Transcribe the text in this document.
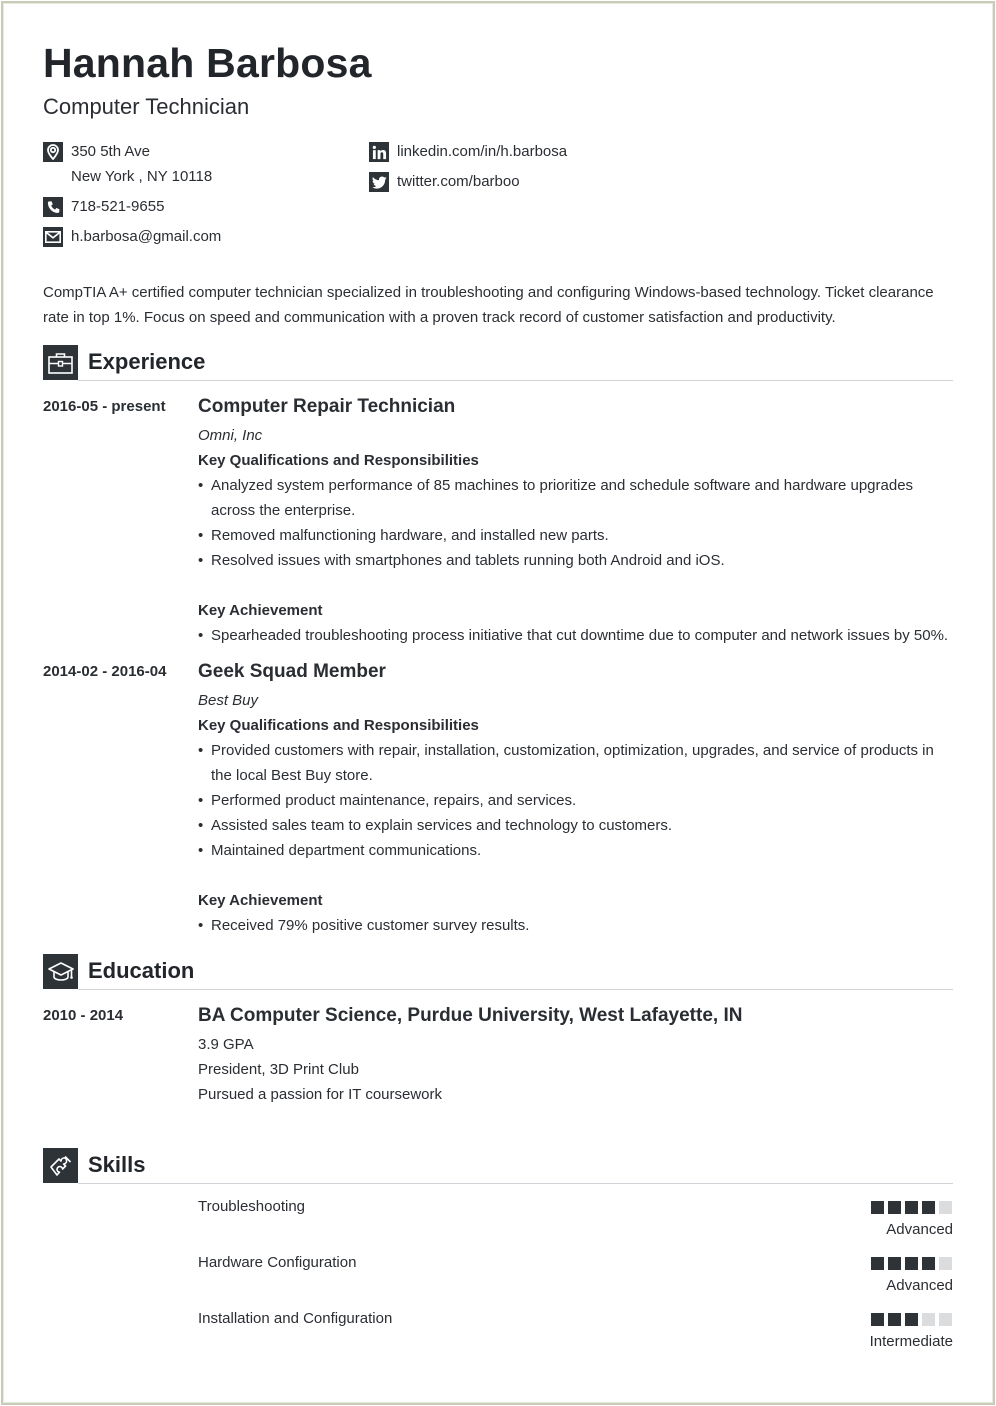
Hannah Barbosa
Computer Technician
350 5th Ave
New York , NY 10118
718-521-9655
h.barbosa@gmail.com
linkedin.com/in/h.barbosa
twitter.com/barboo
CompTIA A+ certified computer technician specialized in troubleshooting and configuring Windows-based technology. Ticket clearance rate in top 1%. Focus on speed and communication with a proven track record of customer satisfaction and productivity.
Experience
2016-05 - present Computer Repair Technician
Omni, Inc
Key Qualifications and Responsibilities
• Analyzed system performance of 85 machines to prioritize and schedule software and hardware upgrades across the enterprise.
• Removed malfunctioning hardware, and installed new parts.
• Resolved issues with smartphones and tablets running both Android and iOS.
Key Achievement
• Spearheaded troubleshooting process initiative that cut downtime due to computer and network issues by 50%.
2014-02 - 2016-04 Geek Squad Member
Best Buy
Key Qualifications and Responsibilities
• Provided customers with repair, installation, customization, optimization, upgrades, and service of products in the local Best Buy store.
• Performed product maintenance, repairs, and services.
• Assisted sales team to explain services and technology to customers.
• Maintained department communications.
Key Achievement
• Received 79% positive customer survey results.
Education
2010 - 2014	BA Computer Science, Purdue University, West Lafayette, IN
3.9 GPA
President, 3D Print Club
Pursued a passion for IT coursework
Skills
Troubleshooting
Advanced
Hardware Configuration
Advanced
Installation and Configuration
Intermediate
